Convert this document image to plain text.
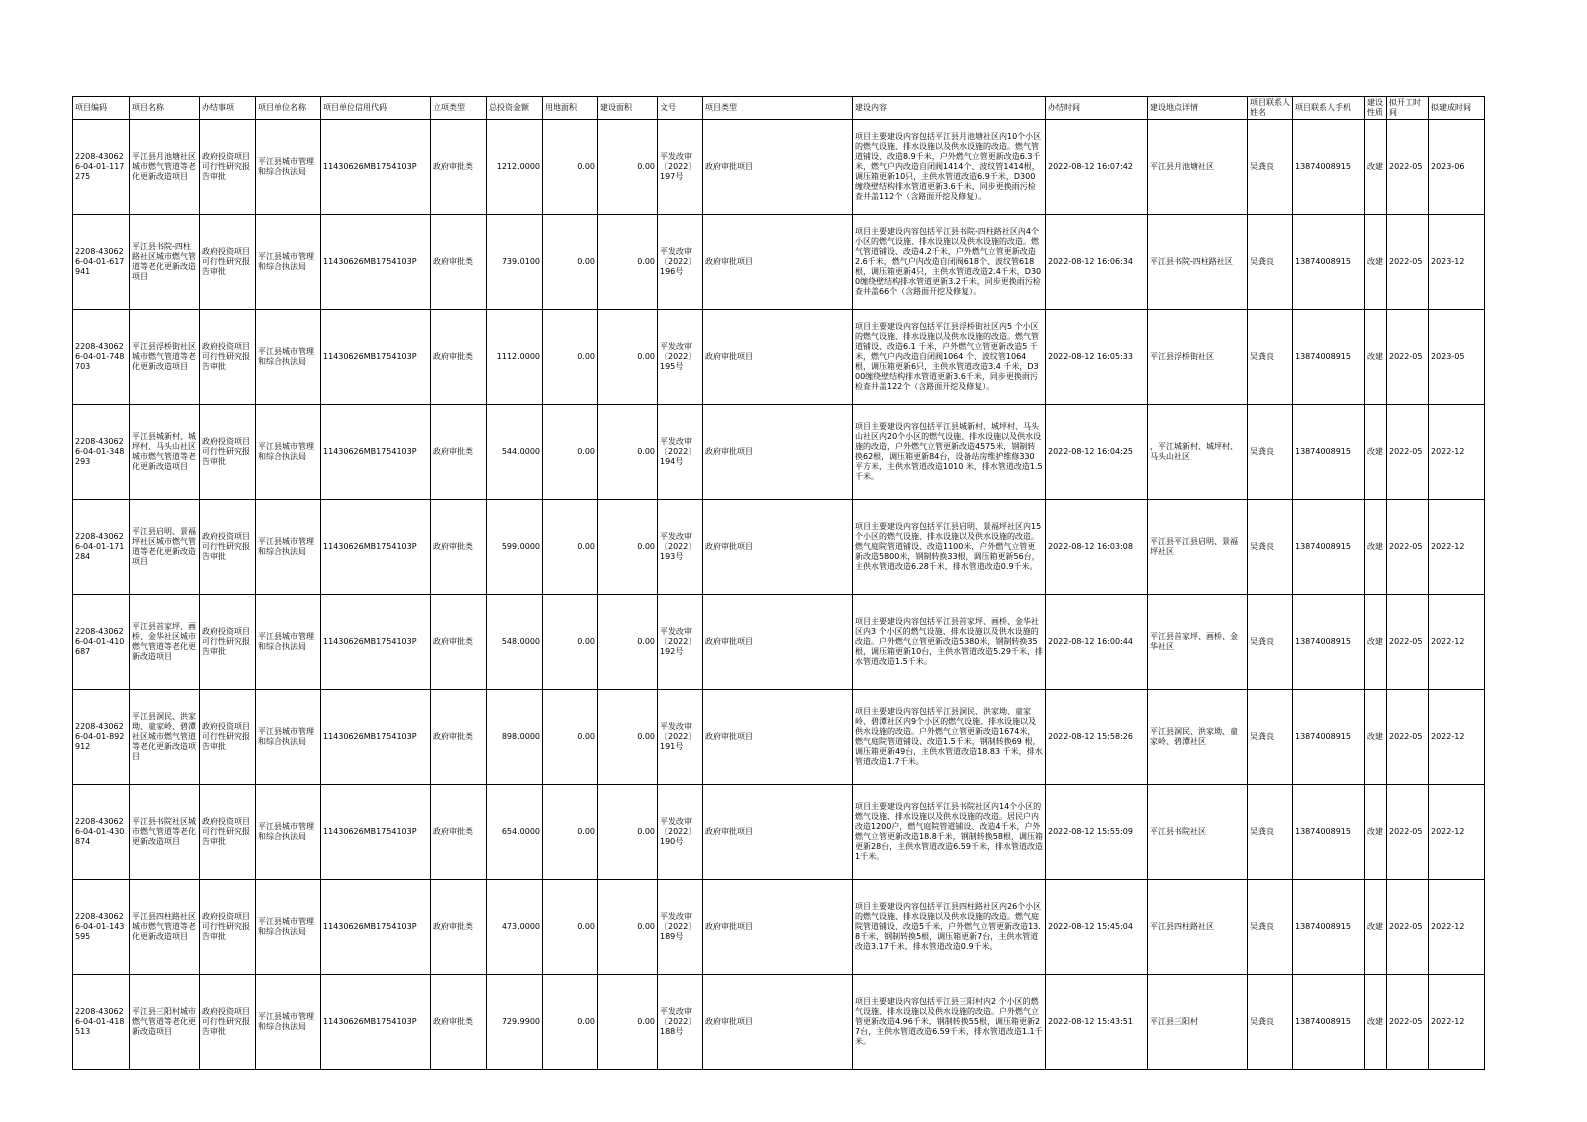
项目编码	项目名称	办结事项	项目单位名称	项目单位信用代码	立项类型	总投资金额	用地面积	建设面积	文号	项目类型	建设内容	办结时间	建设地点详情	项目联系人姓名	项目联系人手机	建设性质	拟开工时间	拟建成时间
2208-430626-04-01-117275	平江县月池塘社区城市燃气管道等老化更新改造项目	政府投资项目可行性研究报告审批	平江县城市管理和综合执法局	11430626MB1754103P	政府审批类	1212.0000	0.00	0.00	平发改审〔2022〕197号	政府审批项目	项目主要建设内容包括平江县月池塘社区内10个小区的燃气设施、排水设施以及供水设施的改造。燃气管道铺设、改造8.9千米，户外燃气立管更新改造6.3千米，燃气户内改造自闭阀1414个、波纹管1414根，调压箱更新10只，主供水管道改造6.9千米，D300缠绕壁结构排水管道更新3.6千米，同步更换雨污检查井盖112个（含路面开挖及修复）。	2022-08-12 16:07:42	平江县月池塘社区	吴龚良	13874008915	改建	2022-05	2023-06
2208-430626-04-01-617941	平江县书院-四柱路社区城市燃气管道等老化更新改造项目	政府投资项目可行性研究报告审批	平江县城市管理和综合执法局	11430626MB1754103P	政府审批类	739.0100	0.00	0.00	平发改审〔2022〕196号	政府审批项目	项目主要建设内容包括平江县书院-四柱路社区内4个小区的燃气设施、排水设施以及供水设施的改造。燃气管道铺设、改造4.2千米，户外燃气立管更新改造2.6千米，燃气户内改造自闭阀618个、波纹管618根，调压箱更新4只，主供水管道改造2.4千米，D300缠绕壁结构排水管道更新3.2千米，同步更换雨污检查井盖66个（含路面开挖及修复）。	2022-08-12 16:06:34	平江县书院-四柱路社区	吴龚良	13874008915	改建	2022-05	2023-12
2208-430626-04-01-748703	平江县浮桥街社区城市燃气管道等老化更新改造项目	政府投资项目可行性研究报告审批	平江县城市管理和综合执法局	11430626MB1754103P	政府审批类	1112.0000	0.00	0.00	平发改审〔2022〕195号	政府审批项目	项目主要建设内容包括平江县浮桥街社区内5 个小区的燃气设施、排水设施以及供水设施的改造。燃气管道铺设、改造6.1 千米，户外燃气立管更新改造5 千米，燃气户内改造自闭阀1064 个、波纹管1064 根，调压箱更新6只，主供水管道改造3.4 千米，D300缠绕壁结构排水管道更新3.6千米，同步更换雨污检查井盖122个（含路面开挖及修复）。	2022-08-12 16:05:33	平江县浮桥街社区	吴龚良	13874008915	改建	2022-05	2023-05
2208-430626-04-01-348293	平江县城新村、城坪村、马头山社区城市燃气管道等老化更新改造项目	政府投资项目可行性研究报告审批	平江县城市管理和综合执法局	11430626MB1754103P	政府审批类	544.0000	0.00	0.00	平发改审〔2022〕194号	政府审批项目	项目主要建设内容包括平江县城新村、城坪村、马头山社区内20个小区的燃气设施、排水设施以及供水设施的改造，户外燃气立管更新改造4575米，钢制转换62根，调压箱更新84台，设备站房维护维修330 平方米，主供水管道改造1010 米，排水管道改造1.5千米。	2022-08-12 16:04:25	，平江城新村、城坪村、马头山社区	吴龚良	13874008915	改建	2022-05	2022-12
2208-430626-04-01-171284	平江县启明、景福坪社区城市燃气管道等老化更新改造项目	政府投资项目可行性研究报告审批	平江县城市管理和综合执法局	11430626MB1754103P	政府审批类	599.0000	0.00	0.00	平发改审〔2022〕193号	政府审批项目	项目主要建设内容包括平江县启明、景福坪社区内15个小区的燃气设施、排水设施以及供水设施的改造。燃气庭院管道铺设、改造1100米，户外燃气立管更新改造5800米，钢制转换33根，调压箱更新56台，主供水管道改造6.28千米，排水管道改造0.9千米。	2022-08-12 16:03:08	平江县平江县启明、景福坪社区	吴龚良	13874008915	改建	2022-05	2022-12
2208-430626-04-01-410687	平江县首家坪、画桥、金华社区城市燃气管道等老化更新改造项目	政府投资项目可行性研究报告审批	平江县城市管理和综合执法局	11430626MB1754103P	政府审批类	548.0000	0.00	0.00	平发改审〔2022〕192号	政府审批项目	项目主要建设内容包括平江县首家坪、画桥、金华社区内3 个小区的燃气设施、排水设施以及供水设施的改造。户外燃气立管更新改造5380米，钢制转换35根，调压箱更新10台，主供水管道改造5.29千米，排水管道改造1.5千米。	2022-08-12 16:00:44	平江县首家坪、画桥、金华社区	吴龚良	13874008915	改建	2022-05	2022-12
2208-430626-04-01-892912	平江县洞民、洪家坳、童家岭、碧潭社区城市燃气管道等老化更新改造项目	政府投资项目可行性研究报告审批	平江县城市管理和综合执法局	11430626MB1754103P	政府审批类	898.0000	0.00	0.00	平发改审〔2022〕191号	政府审批项目	项目主要建设内容包括平江县洞民、洪家坳、童家岭、碧潭社区内9个小区的燃气设施、排水设施以及供水设施的改造。户外燃气立管更新改造1674米，燃气庭院管道铺设、改造1.5千米，钢制转换69 根，调压箱更新49台，主供水管道改造18.83 千米，排水管道改造1.7千米。	2022-08-12 15:58:26	平江县洞民、洪家坳、童家岭、碧潭社区	吴龚良	13874008915	改建	2022-05	2022-12
2208-430626-04-01-430874	平江县书院社区城市燃气管道等老化更新改造项目	政府投资项目可行性研究报告审批	平江县城市管理和综合执法局	11430626MB1754103P	政府审批类	654.0000	0.00	0.00	平发改审〔2022〕190号	政府审批项目	项目主要建设内容包括平江县书院社区内14个小区的燃气设施、排水设施以及供水设施的改造。居民户内改造1200户，燃气庭院管道铺设、改造4千米，户外燃气立管更新改造18.8千米，钢制转换58根，调压箱更新28台，主供水管道改造6.59千米，排水管道改造1千米。	2022-08-12 15:55:09	平江县书院社区	吴龚良	13874008915	改建	2022-05	2022-12
2208-430626-04-01-143595	平江县四柱路社区城市燃气管道等老化更新改造项目	政府投资项目可行性研究报告审批	平江县城市管理和综合执法局	11430626MB1754103P	政府审批类	473.0000	0.00	0.00	平发改审〔2022〕189号	政府审批项目	项目主要建设内容包括平江县四柱路社区内26个小区的燃气设施、排水设施以及供水设施的改造。燃气庭院管道铺设、改造5千米，户外燃气立管更新改造13.8千米，钢制转换5根，调压箱更新7台，主供水管道改造3.17千米，排水管道改造0.9千米。	2022-08-12 15:45:04	平江县四柱路社区	吴龚良	13874008915	改建	2022-05	2022-12
2208-430626-04-01-418513	平江县三阳村城市燃气管道等老化更新改造项目	政府投资项目可行性研究报告审批	平江县城市管理和综合执法局	11430626MB1754103P	政府审批类	729.9900	0.00	0.00	平发改审〔2022〕188号	政府审批项目	项目主要建设内容包括平江县三阳村内2 个小区的燃气设施、排水设施以及供水设施的改造。户外燃气立管更新改造4.96千米，钢制转换55根，调压箱更新27台，主供水管道改造6.59千米，排水管道改造1.1千米。	2022-08-12 15:43:51	平江县三阳村	吴龚良	13874008915	改建	2022-05	2022-12
